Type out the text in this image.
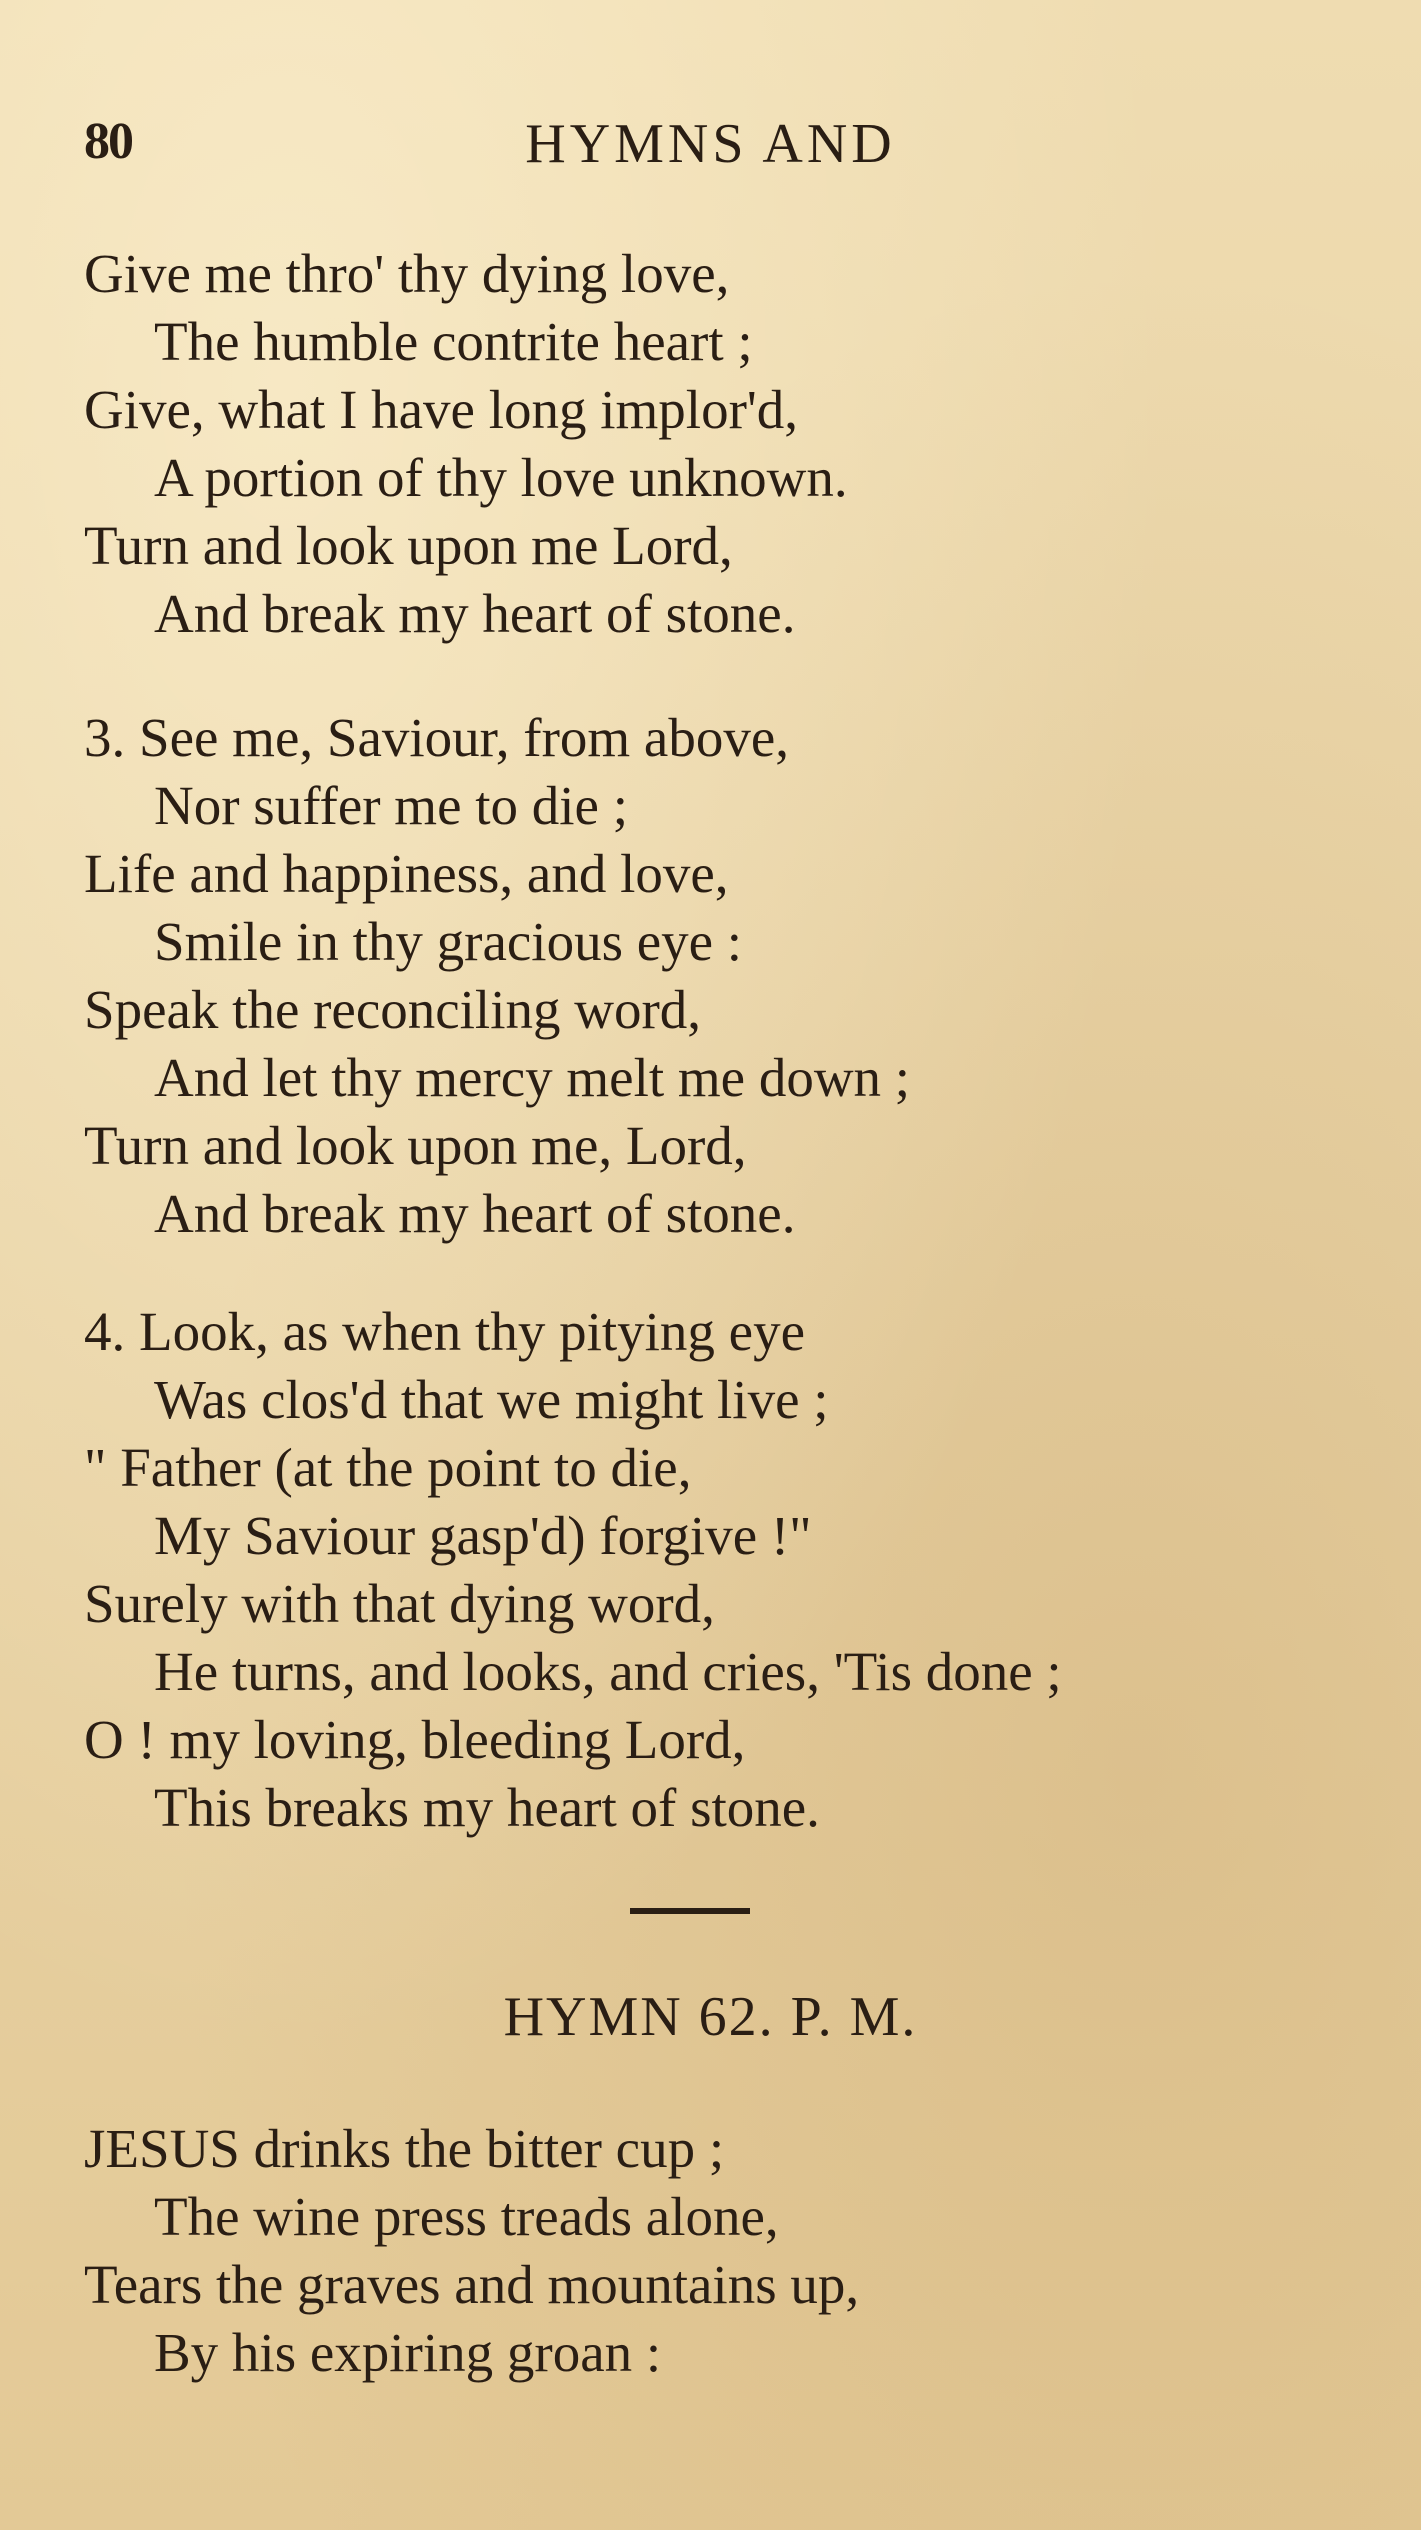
80	HYMNS AND
Give me thro' thy dying love,
The humble contrite heart ;
Give, what I have long implor'd,
A portion of thy love unknown.
Turn and look upon me Lord,
And break my heart of stone.
3. See me, Saviour, from above,
Nor suffer me to die ;
Life and happiness, and love,
Smile in thy gracious eye :
Speak the reconciling word,
And let thy mercy melt me down ;
Turn and look upon me, Lord,
And break my heart of stone.
4. Look, as when thy pitying eye
Was clos'd that we might live ;
" Father (at the point to die,
My Saviour gasp'd) forgive !"
Surely with that dying word,
He turns, and looks, and cries, 'Tis done ;
O ! my loving, bleeding Lord,
This breaks my heart of stone.
HYMN 62. P. M.
JESUS drinks the bitter cup ;
The wine press treads alone,
Tears the graves and mountains up,
By his expiring groan :
